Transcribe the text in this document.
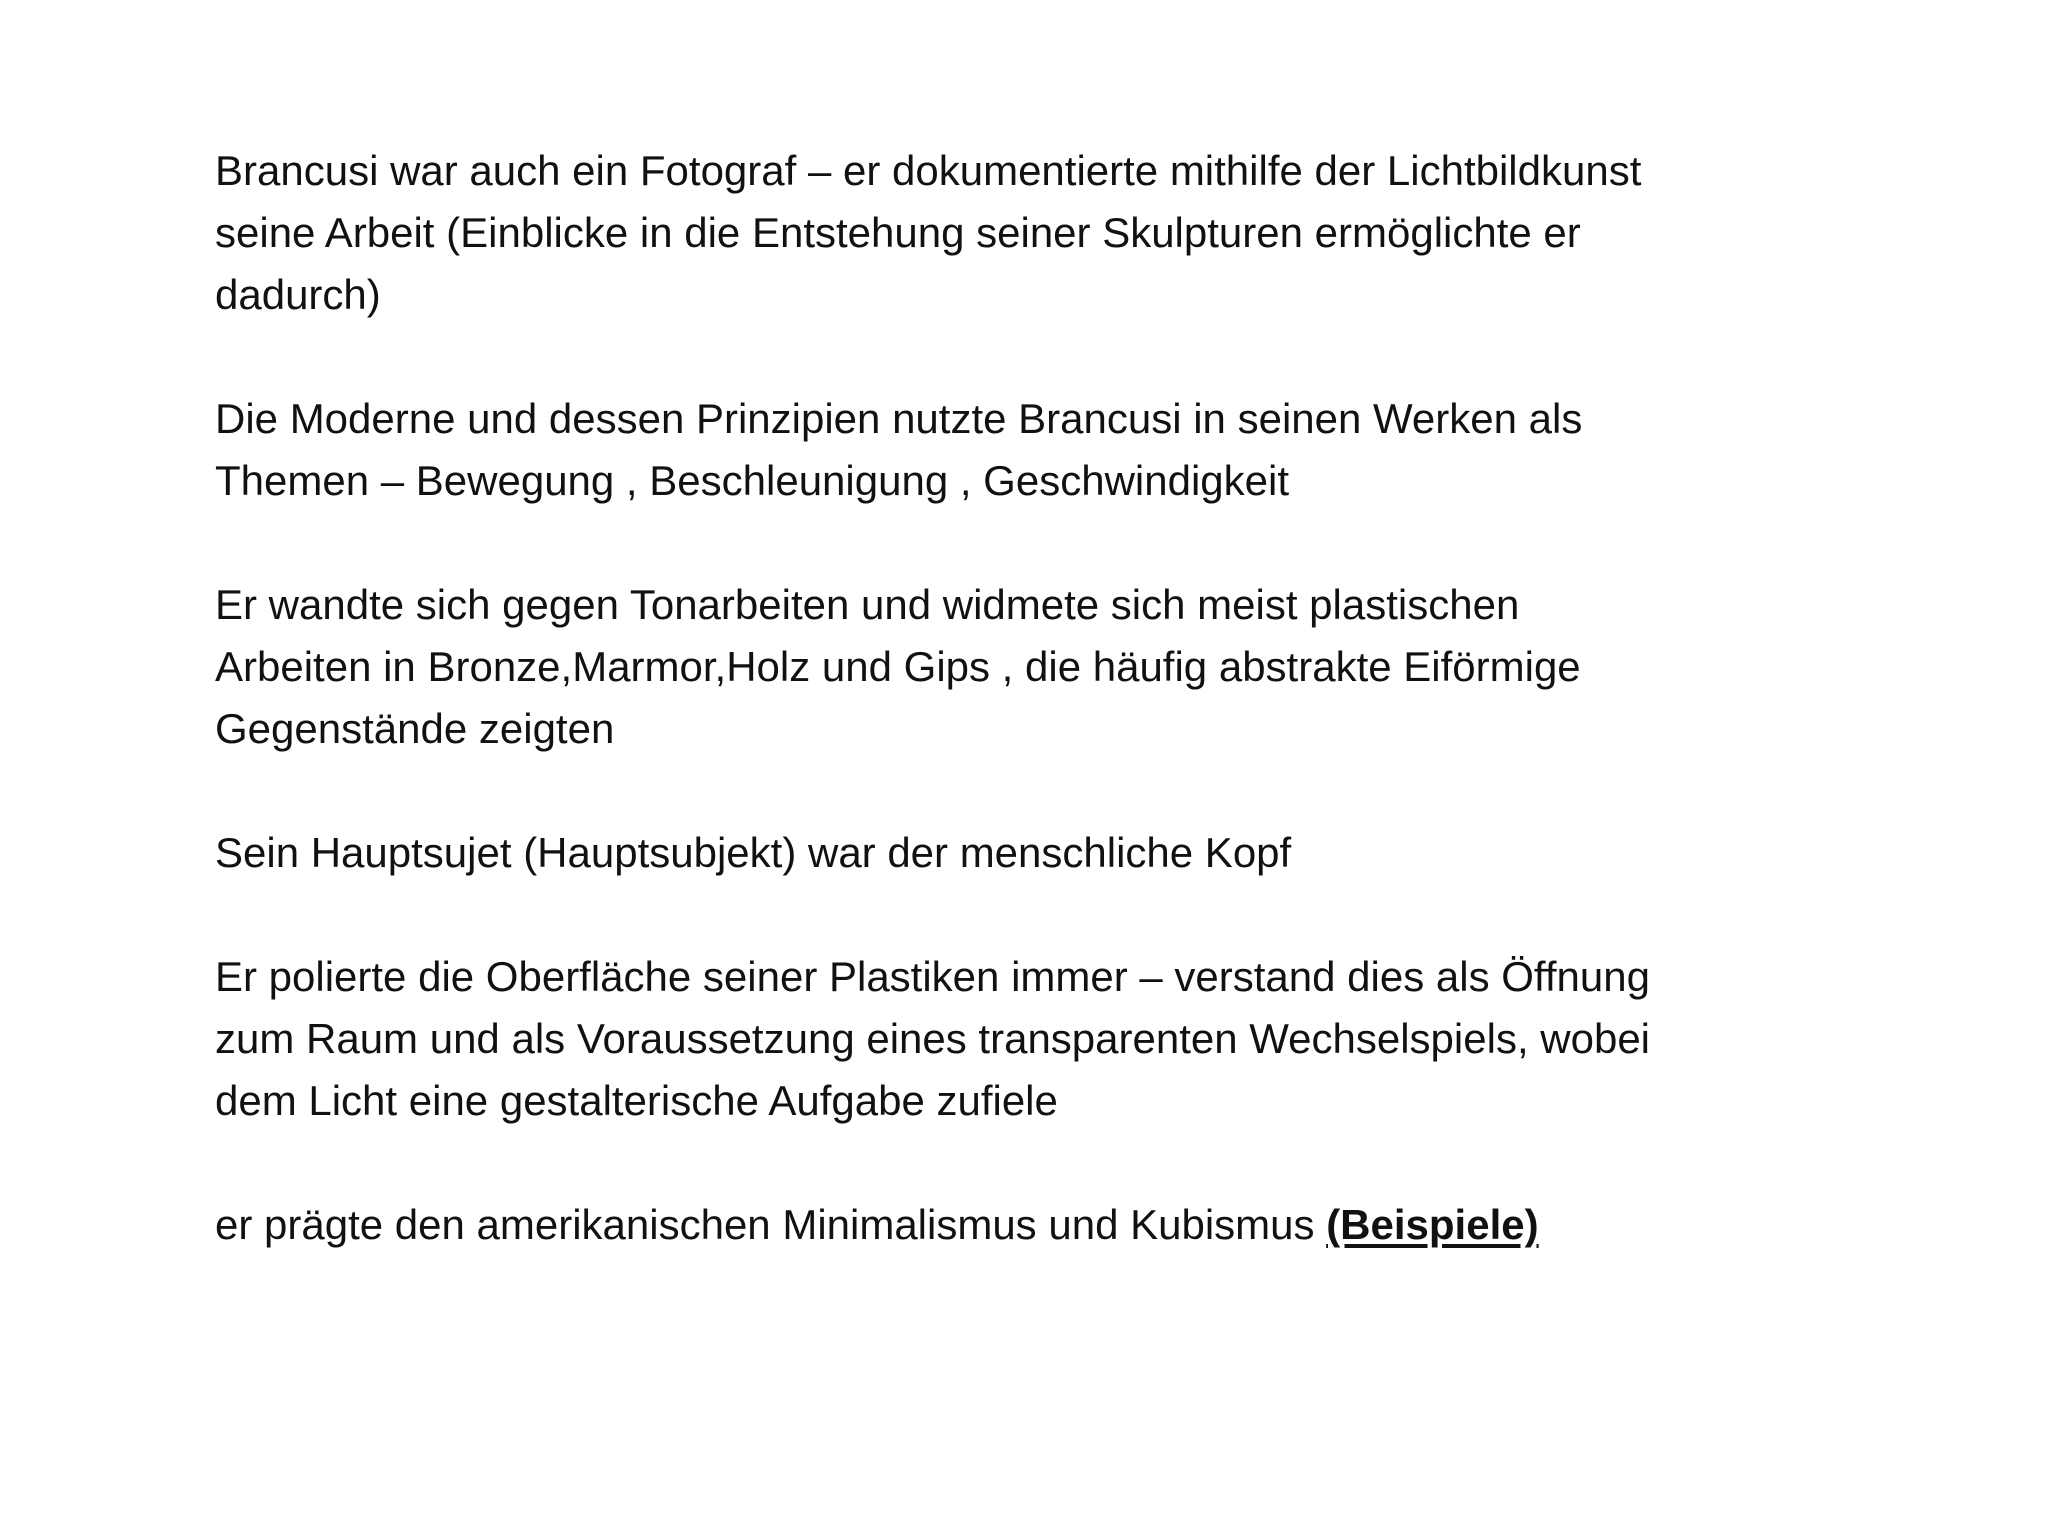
Brancusi war auch ein Fotograf – er dokumentierte mithilfe der Lichtbildkunst
seine Arbeit (Einblicke in die Entstehung seiner Skulpturen ermöglichte er
dadurch)

Die Moderne und dessen Prinzipien nutzte Brancusi in seinen Werken als
Themen – Bewegung , Beschleunigung , Geschwindigkeit

Er wandte sich gegen Tonarbeiten und widmete sich meist plastischen
Arbeiten in Bronze,Marmor,Holz und Gips , die häufig abstrakte Eiförmige
Gegenstände zeigten

Sein Hauptsujet (Hauptsubjekt) war der menschliche Kopf

Er polierte die Oberfläche seiner Plastiken immer – verstand dies als Öffnung
zum Raum und als Voraussetzung eines transparenten Wechselspiels, wobei
dem Licht eine gestalterische Aufgabe zufiele

er prägte den amerikanischen Minimalismus und Kubismus (Beispiele)
